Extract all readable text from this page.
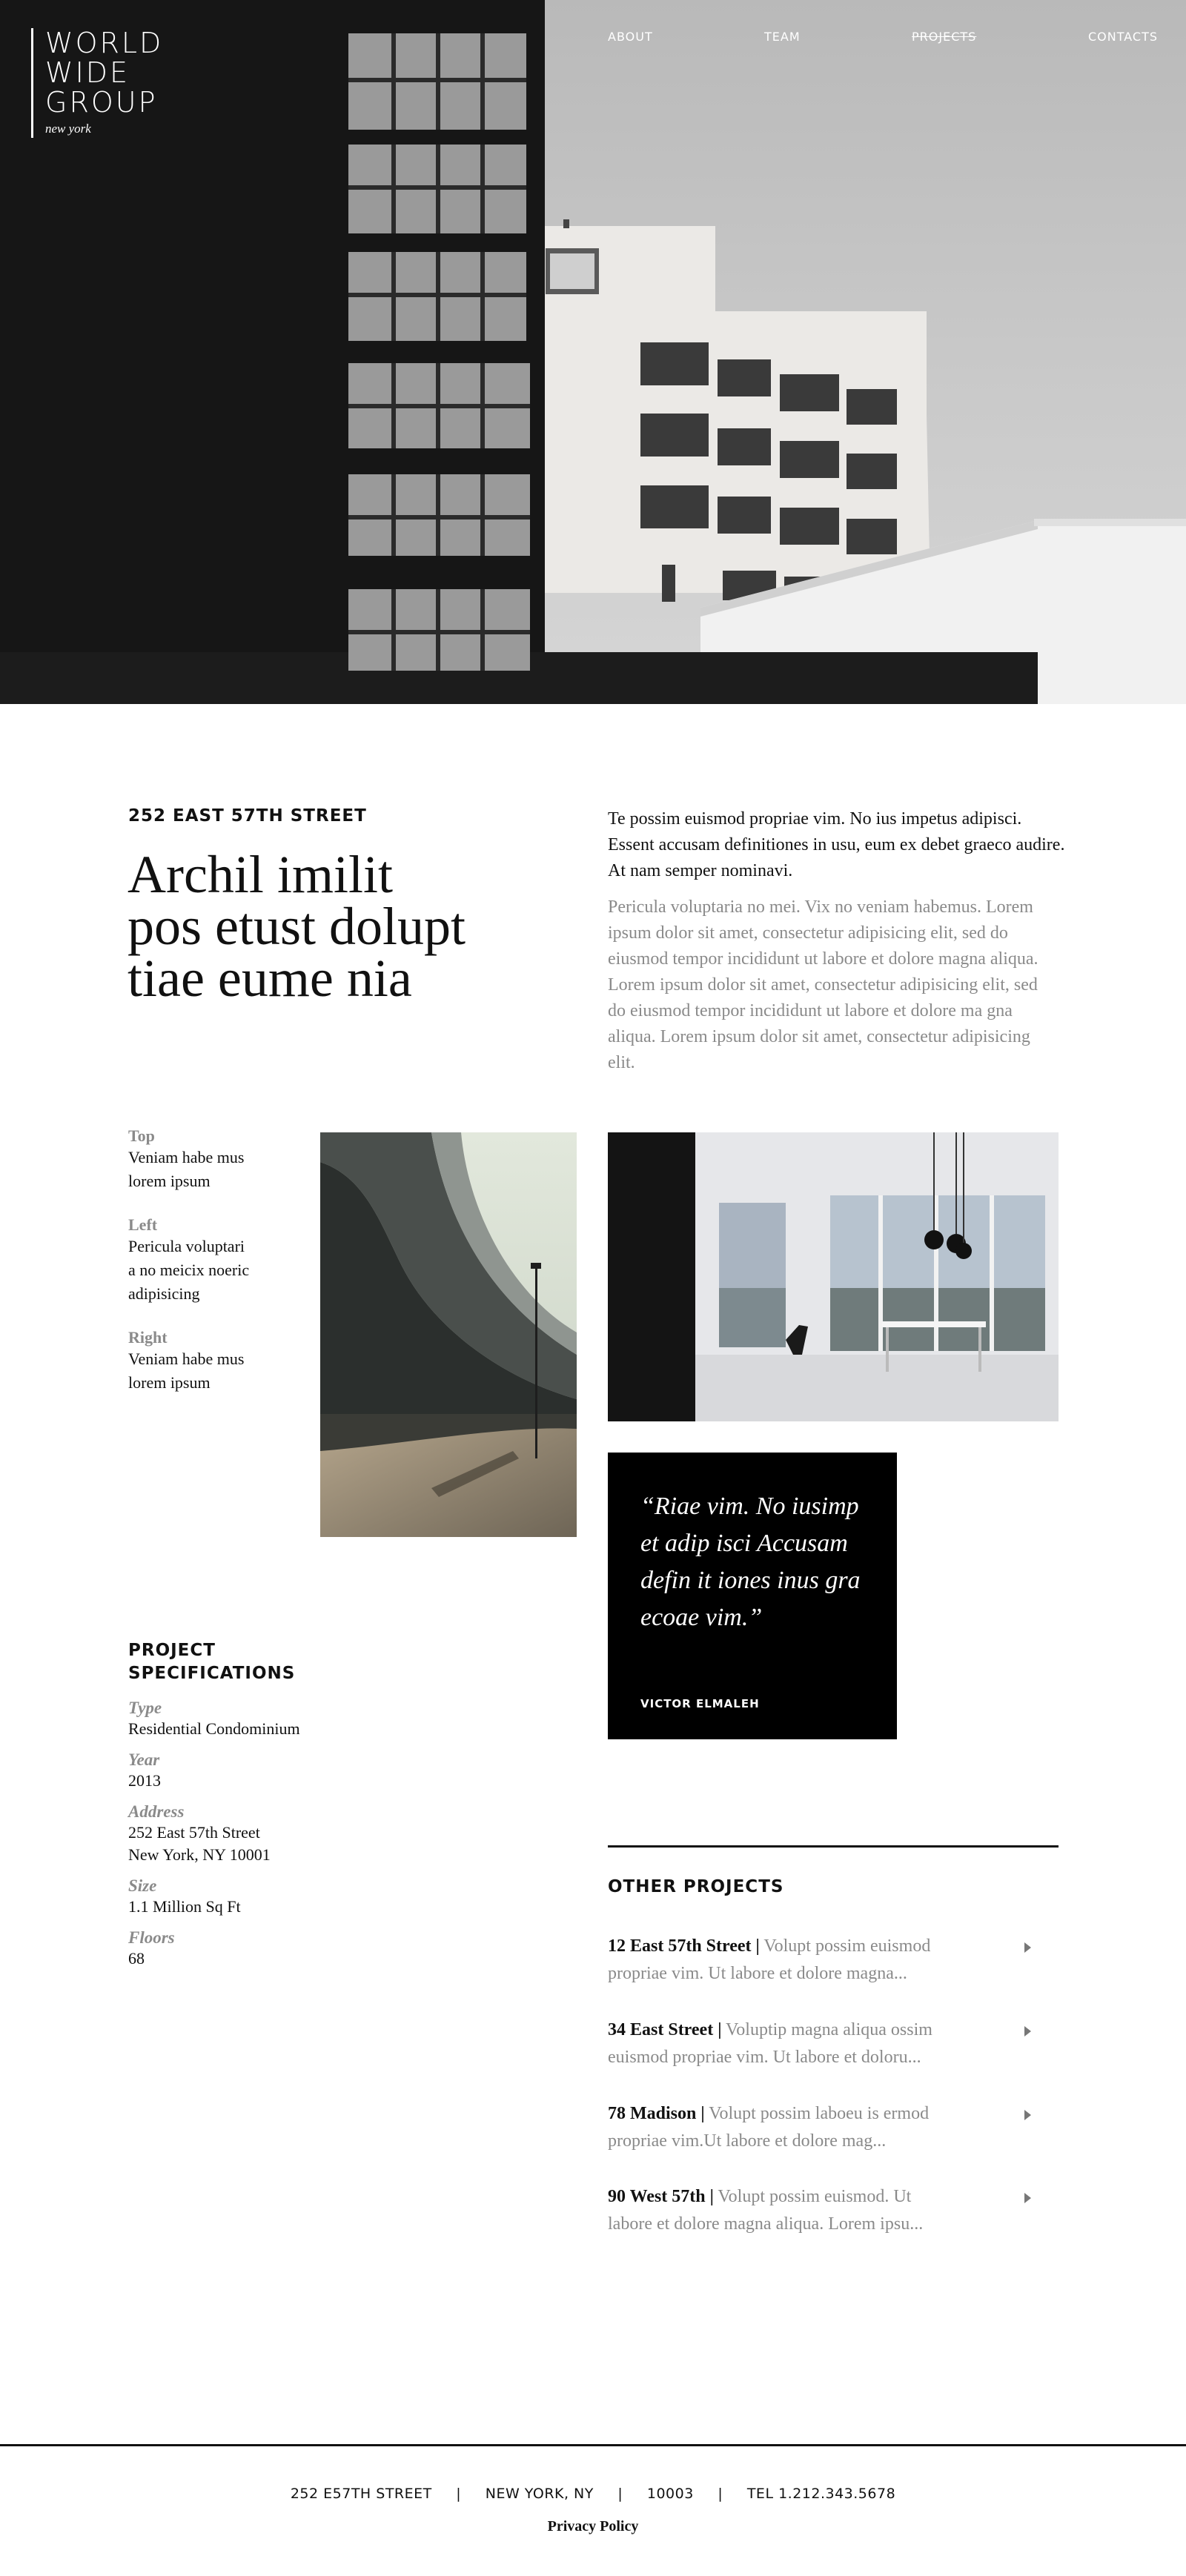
WORLD
WIDE
GROUP
new york
ABOUT	TEAM	PROJECTS	CONTACTS
252 EAST 57TH STREET
Archil imilit
pos etust dolupt
tiae eume nia

Te possim euismod propriae vim. No ius impetus adipisci. Essent accusam definitiones in usu, eum ex debet graeco audire. At nam semper nominavi.

Pericula voluptaria no mei. Vix no veniam habemus. Lorem ipsum dolor sit amet, consectetur adipisicing elit, sed do eiusmod tempor incididunt ut labore et dolore magna aliqua. Lorem ipsum dolor sit amet, consectetur adipisicing elit, sed do eiusmod tempor incididunt ut labore et dolore ma gna aliqua. Lorem ipsum dolor sit amet, consectetur adipisicing elit.

Top
Veniam habe mus
lorem ipsum
Left
Pericula voluptari
a no meicix noeric
adipisicing
Right
Veniam habe mus
lorem ipsum
“Riae vim. No iusimp
et adip isci Accusam
defin it iones inus gra
ecoae vim.”
VICTOR ELMALEH
PROJECT
SPECIFICATIONS
Type
Residential Condominium
Year
2013
Address
252 East 57th Street
New York, NY 10001
Size
1.1 Million Sq Ft
Floors
68
OTHER PROJECTS
12 East 57th Street | Volupt possim euismod
propriae vim. Ut labore et dolore magna...
34 East Street | Voluptip magna aliqua ossim
euismod propriae vim. Ut labore et doloru...
78 Madison | Volupt possim laboeu is ermod
propriae vim.Ut labore et dolore mag...
90 West 57th | Volupt possim euismod. Ut
labore et dolore magna aliqua. Lorem ipsu...
252 E57TH STREET | NEW YORK, NY | 10003 | TEL 1.212.343.5678
Privacy Policy
